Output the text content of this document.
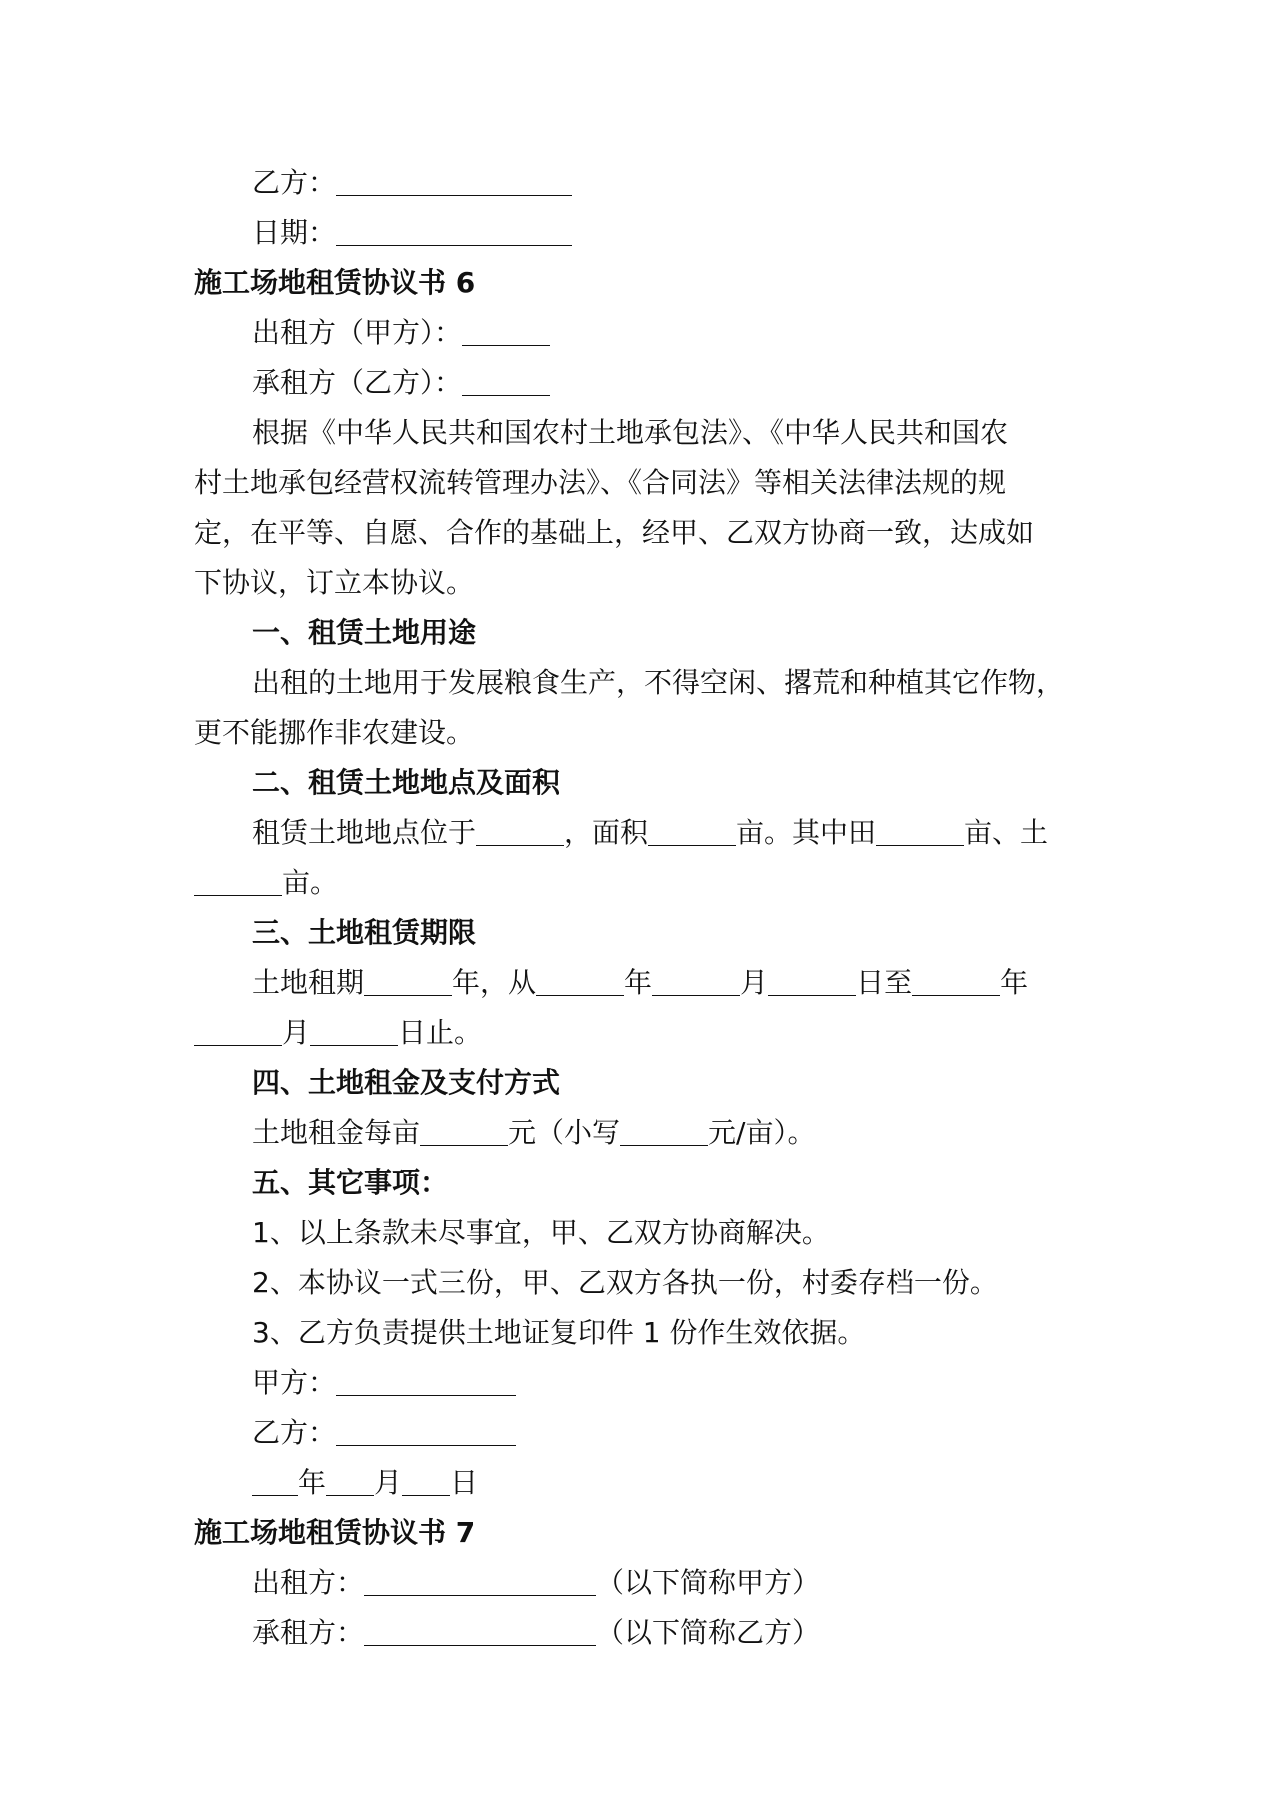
乙方：
日期：
施工场地租赁协议书 6
出租方（甲方）：
承租方（乙方）：
根据《中华人民共和国农村土地承包法》、《中华人民共和国农
村土地承包经营权流转管理办法》、《合同法》等相关法律法规的规
定，在平等、自愿、合作的基础上，经甲、乙双方协商一致，达成如
下协议，订立本协议。
一、租赁土地用途
出租的土地用于发展粮食生产，不得空闲、撂荒和种植其它作物，
更不能挪作非农建设。
二、租赁土地地点及面积
租赁土地地点位于	，面积	亩。其中田	亩、土
亩。
三、土地租赁期限
土地租期	年，从	年	月	日至	年
月	日止。
四、土地租金及支付方式
土地租金每亩	元（小写	元/亩）。
五、其它事项：
1、以上条款未尽事宜，甲、乙双方协商解决。
2、本协议一式三份，甲、乙双方各执一份，村委存档一份。
3、乙方负责提供土地证复印件 1 份作生效依据。
甲方：
乙方：
年 月 日
施工场地租赁协议书 7
出租方：	（以下简称甲方）
承租方：	（以下简称乙方）
